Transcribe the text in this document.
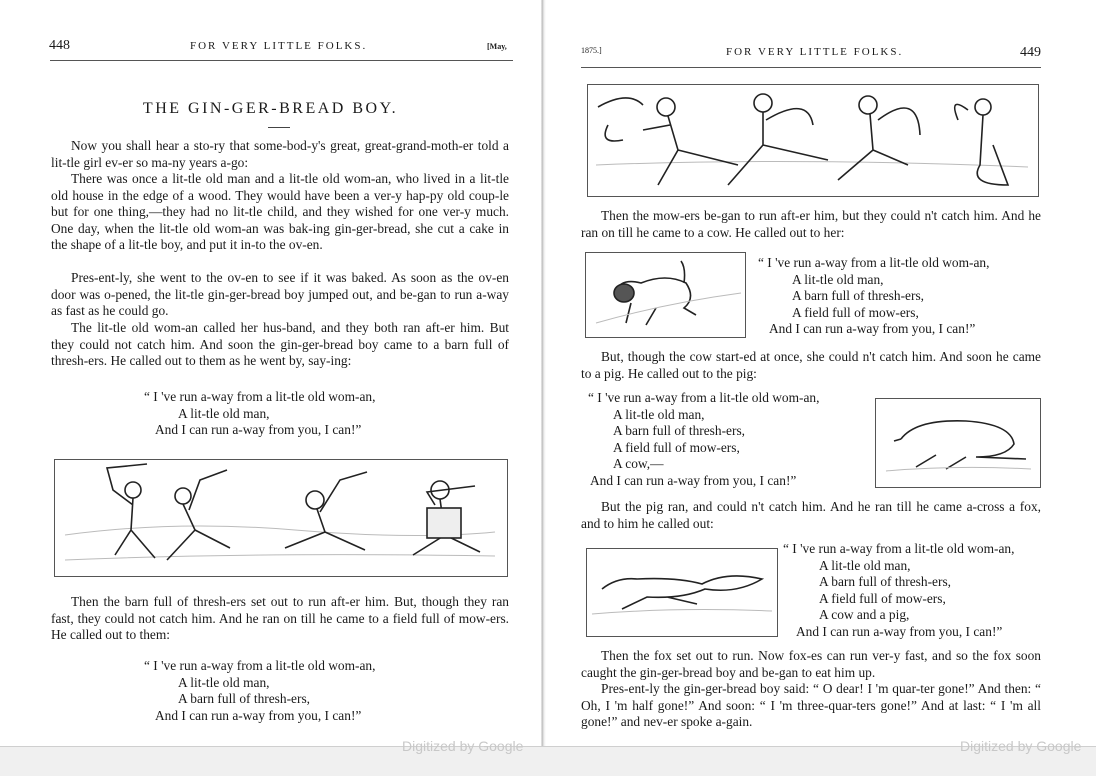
448	FOR VERY LITTLE FOLKS.	[May,
THE GIN-GER-BREAD BOY.

Now you shall hear a sto-ry that some-bod-y's great, great-grand-moth-er told a lit-tle girl ev-er so ma-ny years a-go:

There was once a lit-tle old man and a lit-tle old wom-an, who lived in a lit-tle old house in the edge of a wood. They would have been a ver-y hap-py old coup-le but for one thing,—they had no lit-tle child, and they wished for one ver-y much. One day, when the lit-tle old wom-an was bak-ing gin-ger-bread, she cut a cake in the shape of a lit-tle boy, and put it in-to the ov-en.

Pres-ent-ly, she went to the ov-en to see if it was baked. As soon as the ov-en door was o-pened, the lit-tle gin-ger-bread boy jumped out, and be-gan to run a-way as fast as he could go.

The lit-tle old wom-an called her hus-band, and they both ran aft-er him. But they could not catch him. And soon the gin-ger-bread boy came to a barn full of thresh-ers. He called out to them as he went by, say-ing:

“ I 've run a-way from a lit-tle old wom-an,
A lit-tle old man,
And I can run a-way from you, I can!”

Then the barn full of thresh-ers set out to run aft-er him. But, though they ran fast, they could not catch him. And he ran on till he came to a field full of mow-ers. He called out to them:

“ I 've run a-way from a lit-tle old wom-an,
A lit-tle old man,
A barn full of thresh-ers,
And I can run a-way from you, I can!”
1875.]	FOR VERY LITTLE FOLKS.	449

Then the mow-ers be-gan to run aft-er him, but they could n't catch him. And he ran on till he came to a cow. He called out to her:

“ I 've run a-way from a lit-tle old wom-an,
A lit-tle old man,
A barn full of thresh-ers,
A field full of mow-ers,
And I can run a-way from you, I can!”

But, though the cow start-ed at once, she could n't catch him. And soon he came to a pig. He called out to the pig:

“ I 've run a-way from a lit-tle old wom-an,
A lit-tle old man,
A barn full of thresh-ers,
A field full of mow-ers,
A cow,—
And I can run a-way from you, I can!”

But the pig ran, and could n't catch him. And he ran till he came a-cross a fox, and to him he called out:

“ I 've run a-way from a lit-tle old wom-an,
A lit-tle old man,
A barn full of thresh-ers,
A field full of mow-ers,
A cow and a pig,
And I can run a-way from you, I can!”

Then the fox set out to run. Now fox-es can run ver-y fast, and so the fox soon caught the gin-ger-bread boy and be-gan to eat him up.

Pres-ent-ly the gin-ger-bread boy said: “ O dear! I 'm quar-ter gone!” And then: “ Oh, I 'm half gone!” And soon: “ I 'm three-quar-ters gone!” And at last: “ I 'm all gone!” and nev-er spoke a-gain.

Digitized by Google	Digitized by Google
